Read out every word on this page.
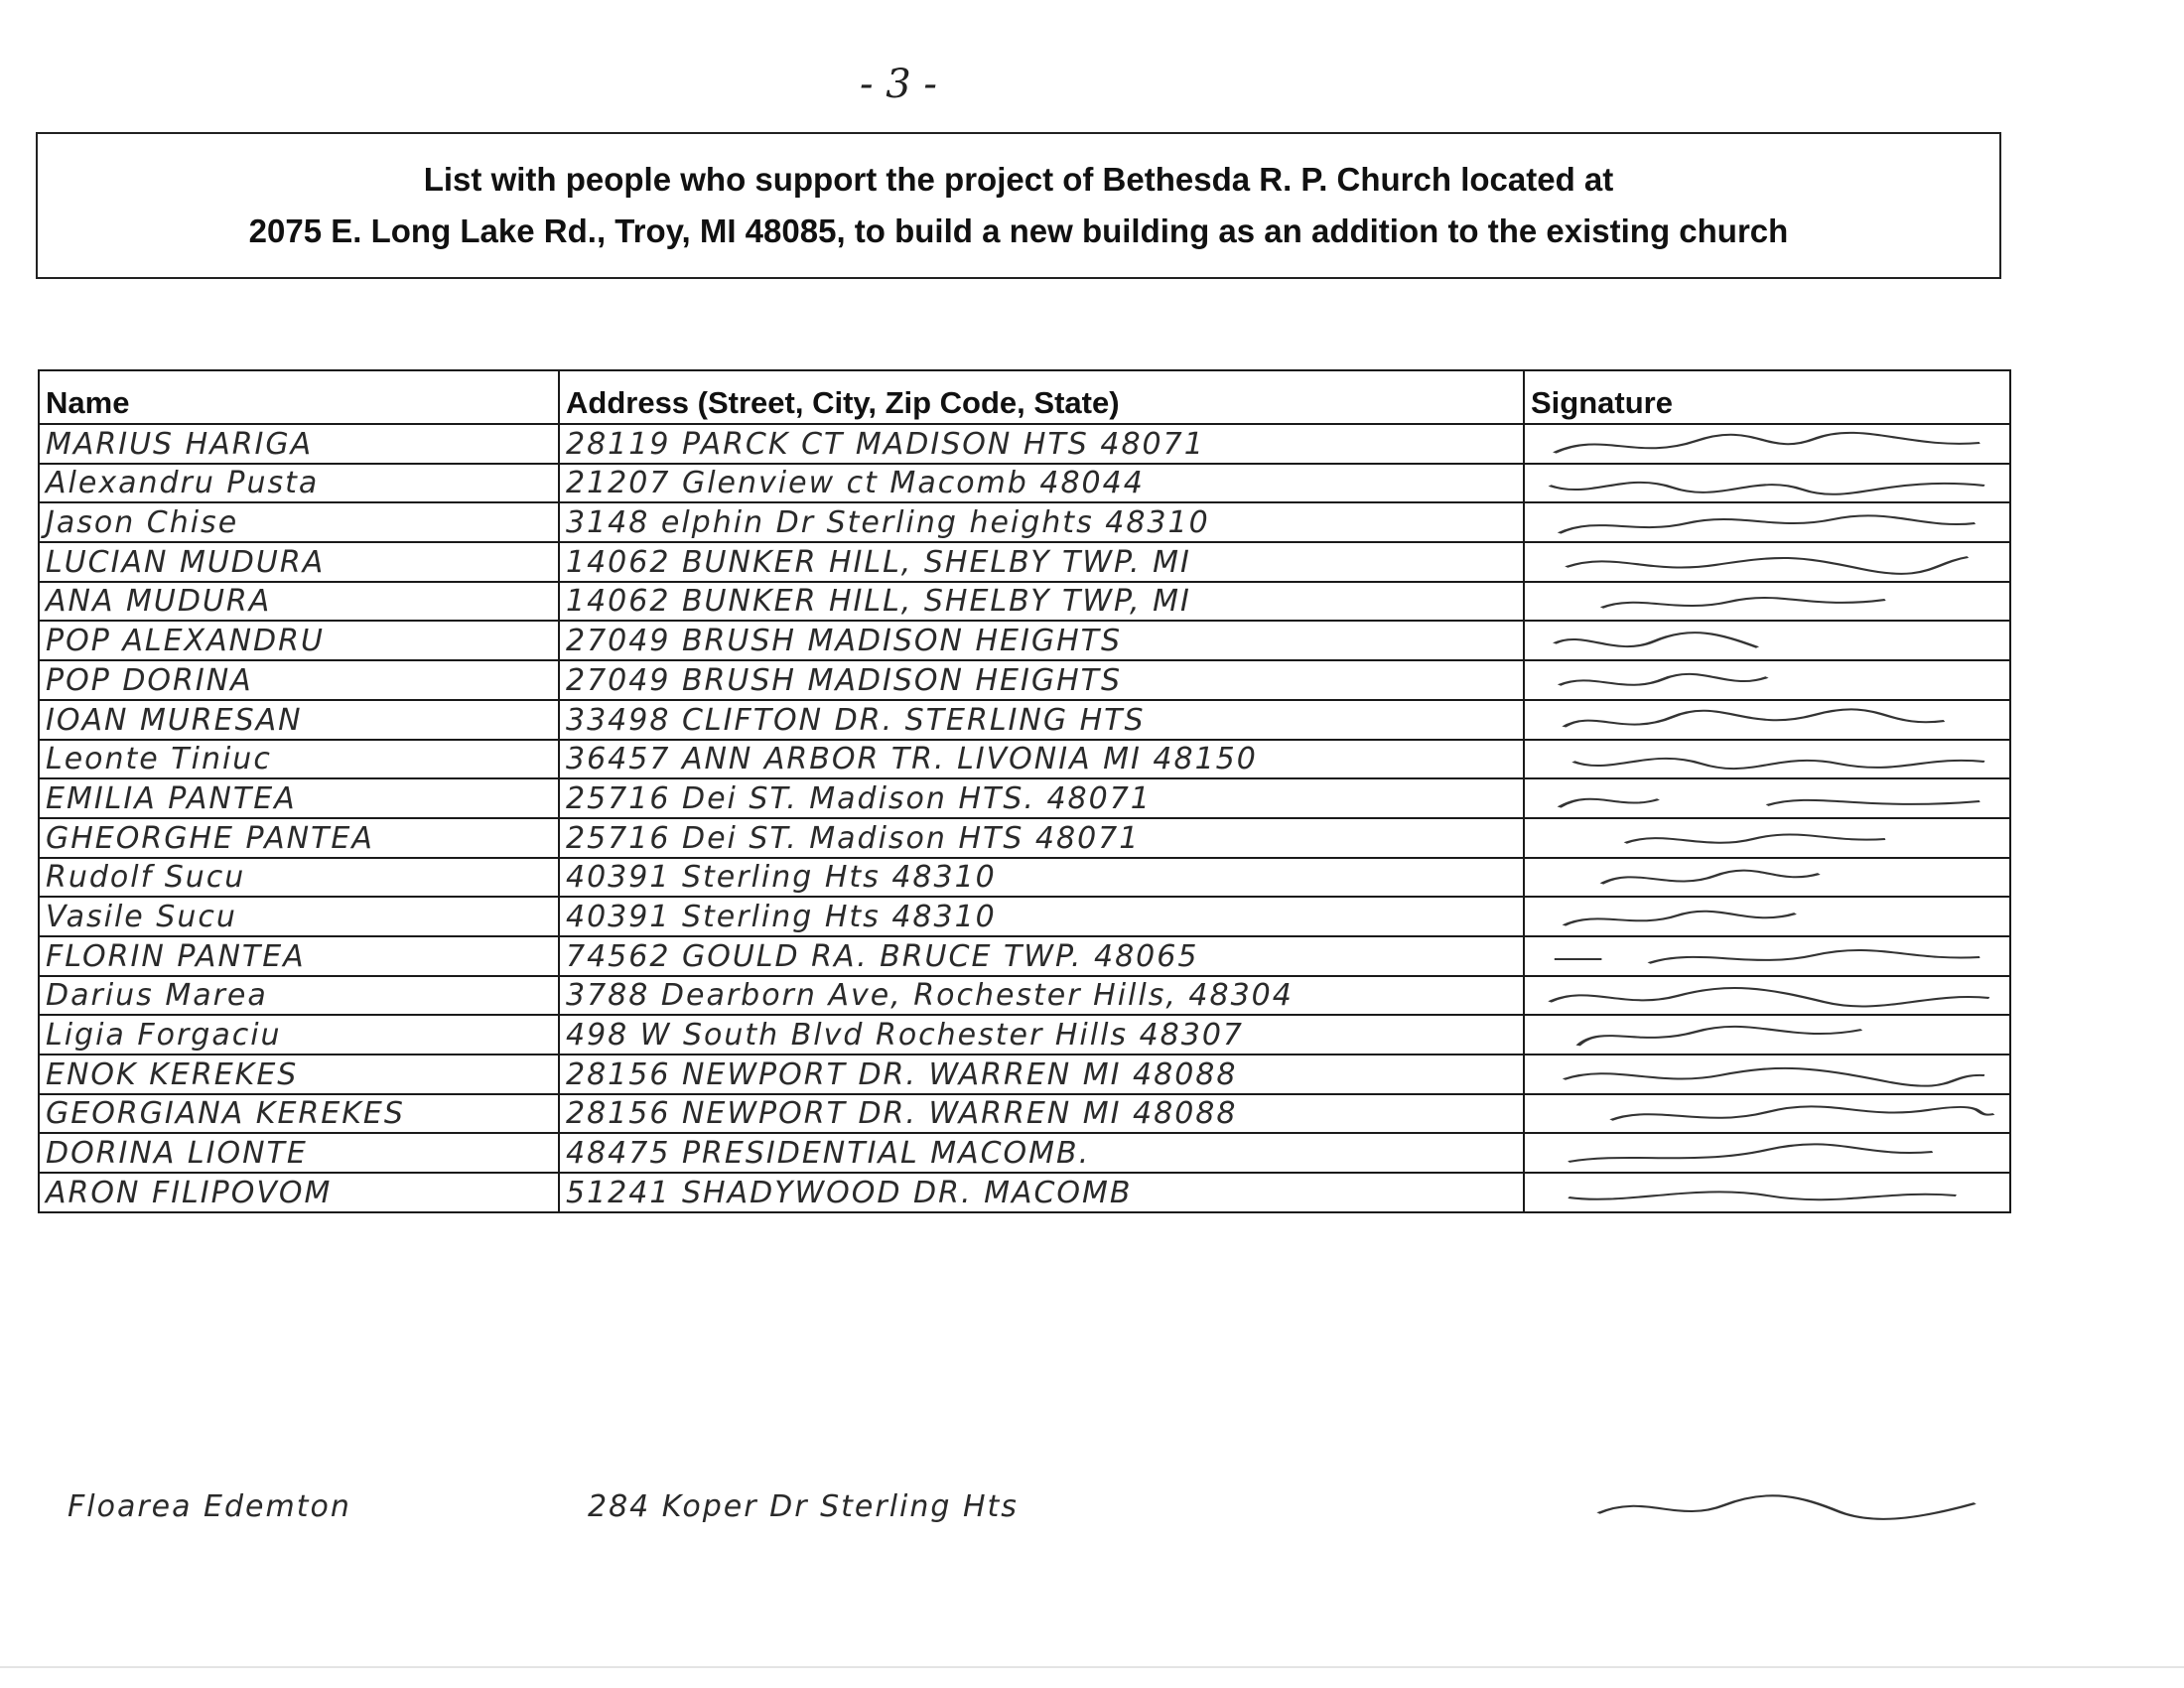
- 3 -
List with people who support the project of Bethesda R. P. Church located at
2075 E. Long Lake Rd., Troy, MI 48085, to build a new building as an addition to the existing church
Name	Address (Street, City, Zip Code, State)	Signature
MARIUS HARIGA	28119 PARCK CT MADISON HTS 48071	

Alexandru Pusta	21207 Glenview ct Macomb 48044	

Jason Chise	3148 elphin Dr Sterling heights 48310	

LUCIAN MUDURA	14062 BUNKER HILL, SHELBY TWP. MI	

ANA MUDURA	14062 BUNKER HILL, SHELBY TWP, MI	

POP ALEXANDRU	27049 BRUSH MADISON HEIGHTS	

POP DORINA	27049 BRUSH MADISON HEIGHTS	

IOAN MURESAN	33498 CLIFTON DR. STERLING HTS	

Leonte Tiniuc	36457 ANN ARBOR TR. LIVONIA MI 48150	

EMILIA PANTEA	25716 Dei ST. Madison HTS. 48071	

GHEORGHE PANTEA	25716 Dei ST. Madison HTS 48071	

Rudolf Sucu	40391 Sterling Hts 48310	

Vasile Sucu	40391 Sterling Hts 48310	

FLORIN PANTEA	74562 GOULD RA. BRUCE TWP. 48065	

Darius Marea	3788 Dearborn Ave, Rochester Hills, 48304	

Ligia Forgaciu	498 W South Blvd Rochester Hills 48307	

ENOK KEREKES	28156 NEWPORT DR. WARREN MI 48088	

GEORGIANA KEREKES	28156 NEWPORT DR. WARREN MI 48088	

DORINA LIONTE	48475 PRESIDENTIAL MACOMB.	

ARON FILIPOVOM	51241 SHADYWOOD DR. MACOMB	
Floarea Edemton	284 Koper Dr Sterling Hts
